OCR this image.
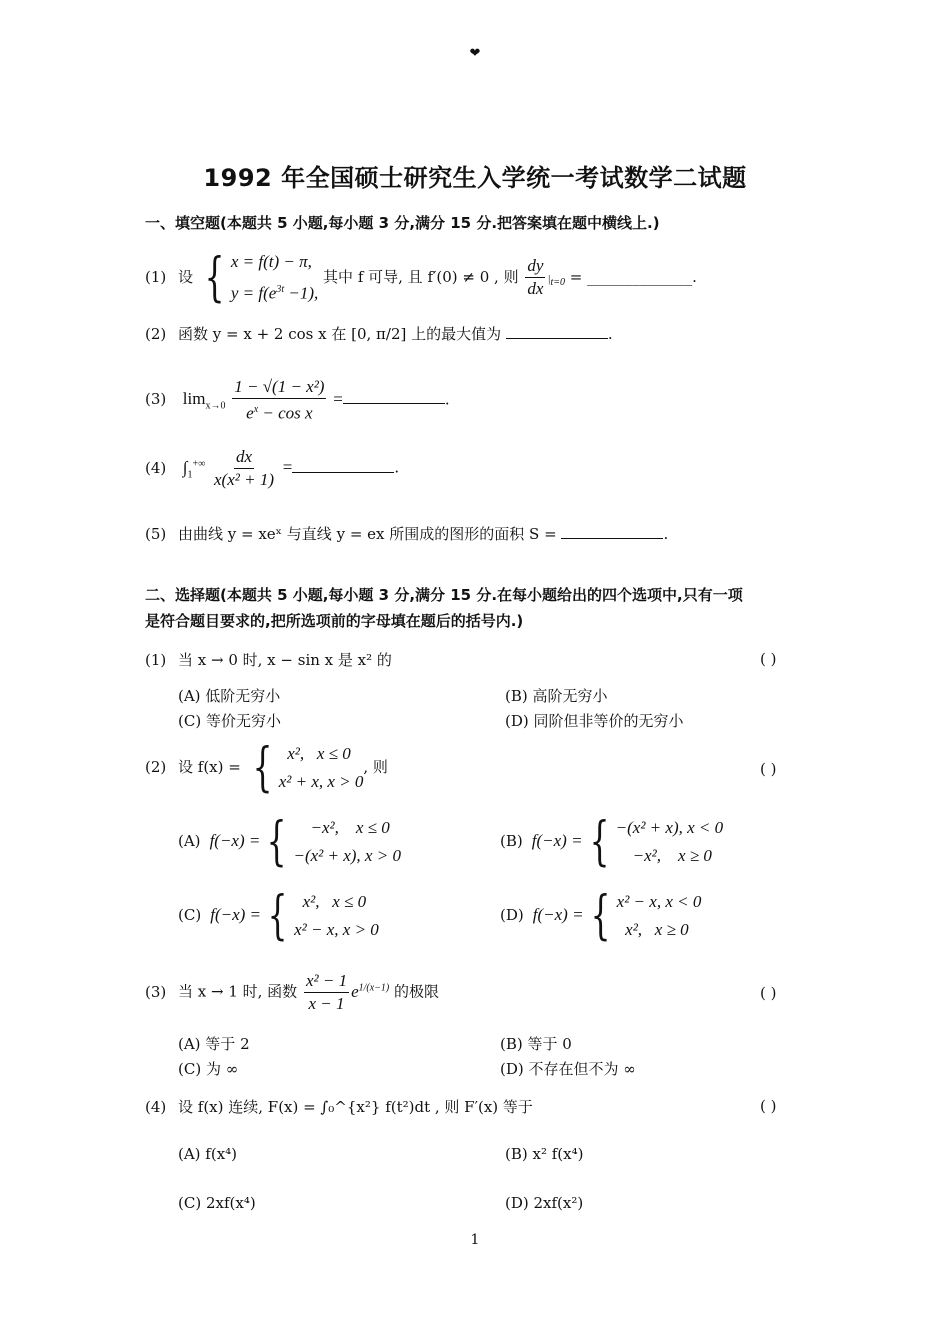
❤
1992 年全国硕士研究生入学统一考试数学二试题
一、填空题(本题共 5 小题,每小题 3 分,满分 15 分.把答案填在题中横线上.)
(1) 设 { x = f(t) − π,
$y = f(e^{3t} -1)$,
其中 f 可导, 且 f′(0) ≠ 0 , 则 $\frac{dy}{dx} |_{t=0}$ = ______________.
(2) 函数 y = x + 2 cos x 在 [0, π/2] 上的最大值为	.
(3) $\lim_{x\to 0} \frac{\text{1 − √(1 − x²)}}{e^x - \cos x}$ =	.
(4) $\int_1^{+\infty} \frac{dx}{\text{x(x² + 1)}}$ =	.
(5) 由曲线 y = xeˣ 与直线 y = ex 所围成的图形的面积 S =	.
二、选择题(本题共 5 小题,每小题 3 分,满分 15 分.在每小题给出的四个选项中,只有一项
是符合题目要求的,把所选项前的字母填在题后的括号内.)
(1) 当 x → 0 时, x − sin x 是 x² 的	( )
(A) 低阶无穷小	(B) 高阶无穷小
(C) 等价无穷小	(D) 同阶但非等价的无穷小
(2) 设 f(x) = { x²,   x ≤ 0
x² + x, x > 0
, 则	( )
(A)  f(−x) = { −x²,    x ≤ 0
−(x² + x), x > 0
(B)  f(−x) = { −(x² + x), x < 0
−x²,    x ≥ 0
(C)  f(−x) = { x²,   x ≤ 0
x² − x, x > 0
(D)  f(−x) = { x² − x, x < 0
x²,   x ≥ 0
(3) 当 x → 1 时, 函数 $\frac{\text{x² − 1}}{x - 1} e^{1/(x-1)}$ 的极限	( )
(A) 等于 2	(B) 等于 0
(C) 为 ∞	(D) 不存在但不为 ∞
(4) 设 f(x) 连续, F(x) = ∫₀^{x²} f(t²)dt , 则 F′(x) 等于	( )
(A) f(x⁴)	(B) x² f(x⁴)
(C) 2xf(x⁴)	(D) 2xf(x²)
1
